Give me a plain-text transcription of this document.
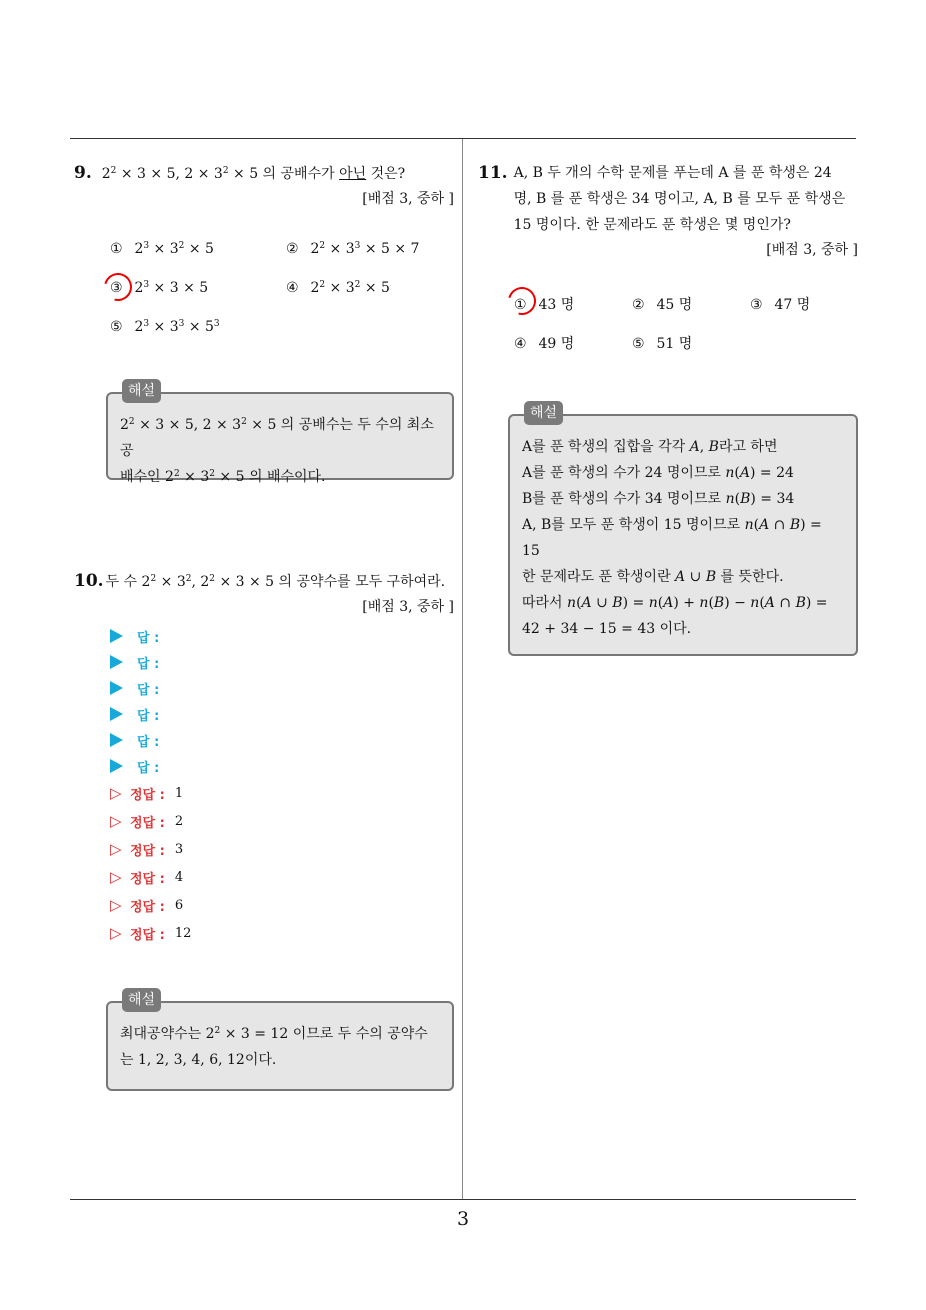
9. $2^2 \times 3 \times 5$, $2 \times 3^2 \times 5$ 의 공배수가 아닌 것은?
[배점 3, 중하 ]
① $2^3 \times 3^2 \times 5$	② $2^2 \times 3^3 \times 5 \times 7$
③ $2^3 \times 3 \times 5$	④ $2^2 \times 3^2 \times 5$
⑤ $2^3 \times 3^3 \times 5^3$
해설
$2^2 \times 3 \times 5$, $2 \times 3^2 \times 5$ 의 공배수는 두 수의 최소공
배수인 $2^2 \times 3^2 \times 5$ 의 배수이다.
10. 두 수 $2^2 \times 3^2$, $2^2 \times 3 \times 5$ 의 공약수를 모두 구하여라.
[배점 3, 중하 ]
답 :
답 :
답 :
답 :
답 :
답 :
▷ 정답 : 1
▷ 정답 : 2
▷ 정답 : 3
▷ 정답 : 4
▷ 정답 : 6
▷ 정답 : 12
해설
최대공약수는 $2^2 \times 3 = 12$ 이므로 두 수의 공약수
는 1, 2, 3, 4, 6, 12이다.
11. A, B 두 개의 수학 문제를 푸는데 A 를 푼 학생은 24
명, B 를 푼 학생은 34 명이고, A, B 를 모두 푼 학생은
15 명이다. 한 문제라도 푼 학생은 몇 명인가?
[배점 3, 중하 ]
① 43 명	② 45 명	③ 47 명
④ 49 명	⑤ 51 명
해설
A를 푼 학생의 집합을 각각 A, B라고 하면
A를 푼 학생의 수가 24 명이므로 n(A) = 24
B를 푼 학생의 수가 34 명이므로 n(B) = 34
A, B를 모두 푼 학생이 15 명이므로 n(A ∩ B) =
15
한 문제라도 푼 학생이란 A ∪ B 를 뜻한다.
따라서 n(A ∪ B) = n(A) + n(B) − n(A ∩ B) =
42 + 34 − 15 = 43 이다.
3
